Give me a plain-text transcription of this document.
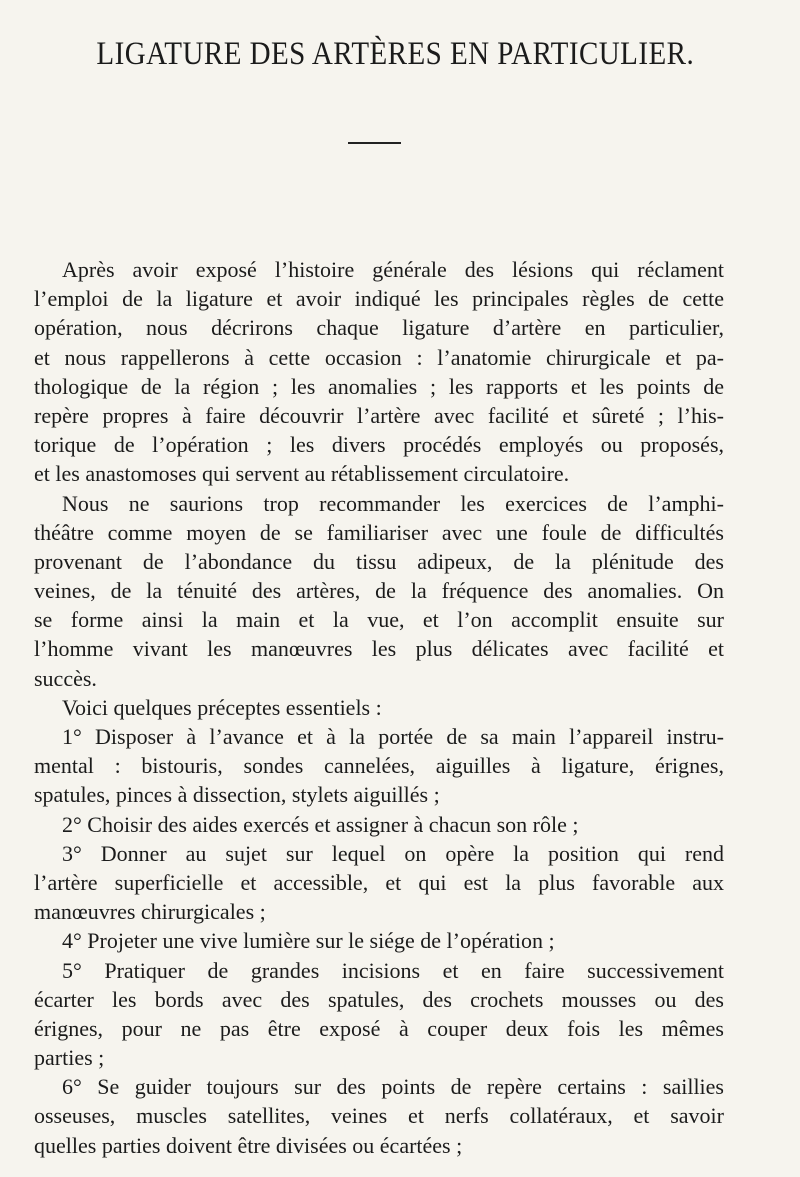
LIGATURE DES ARTÈRES EN PARTICULIER.
Après avoir exposé l’histoire générale des lésions qui réclament
l’emploi de la ligature et avoir indiqué les principales règles de cette
opération, nous décrirons chaque ligature d’artère en particulier,
et nous rappellerons à cette occasion : l’anatomie chirurgicale et pa-
thologique de la région ; les anomalies ; les rapports et les points de
repère propres à faire découvrir l’artère avec facilité et sûreté ; l’his-
torique de l’opération ; les divers procédés employés ou proposés,
et les anastomoses qui servent au rétablissement circulatoire.
Nous ne saurions trop recommander les exercices de l’amphi-
théâtre comme moyen de se familiariser avec une foule de difficultés
provenant de l’abondance du tissu adipeux, de la plénitude des
veines, de la ténuité des artères, de la fréquence des anomalies. On
se forme ainsi la main et la vue, et l’on accomplit ensuite sur
l’homme vivant les manœuvres les plus délicates avec facilité et
succès.
Voici quelques préceptes essentiels :
1° Disposer à l’avance et à la portée de sa main l’appareil instru-
mental : bistouris, sondes cannelées, aiguilles à ligature, érignes,
spatules, pinces à dissection, stylets aiguillés ;
2° Choisir des aides exercés et assigner à chacun son rôle ;
3° Donner au sujet sur lequel on opère la position qui rend
l’artère superficielle et accessible, et qui est la plus favorable aux
manœuvres chirurgicales ;
4° Projeter une vive lumière sur le siége de l’opération ;
5° Pratiquer de grandes incisions et en faire successivement
écarter les bords avec des spatules, des crochets mousses ou des
érignes, pour ne pas être exposé à couper deux fois les mêmes
parties ;
6° Se guider toujours sur des points de repère certains : saillies
osseuses, muscles satellites, veines et nerfs collatéraux, et savoir
quelles parties doivent être divisées ou écartées ;
